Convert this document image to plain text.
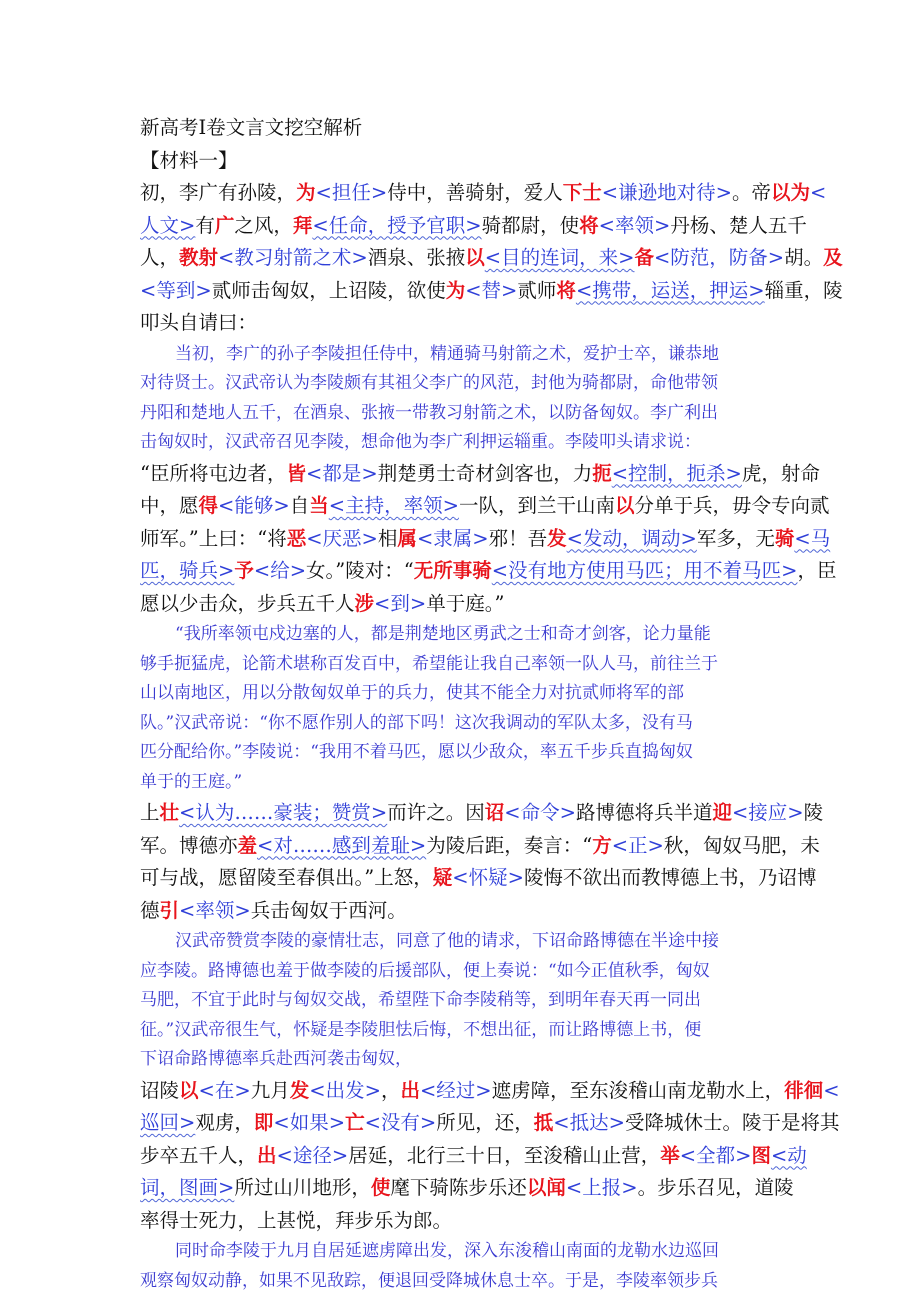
新高考Ⅰ卷文言文挖空解析
【材料一】
初，李广有孙陵，为<担任>侍中，善骑射，爱人下士<谦逊地对待>。帝以为<
人文>有广之风，拜<任命，授予官职>骑都尉，使将<率领>丹杨、楚人五千
人，教射<教习射箭之术>酒泉、张掖以<目的连词，来>备<防范，防备>胡。及
<等到>贰师击匈奴，上诏陵，欲使为<替>贰师将<携带，运送，押运>辎重，陵
叩头自请曰：
当初，李广的孙子李陵担任侍中，精通骑马射箭之术，爱护士卒，谦恭地
对待贤士。汉武帝认为李陵颇有其祖父李广的风范，封他为骑都尉，命他带领
丹阳和楚地人五千，在酒泉、张掖一带教习射箭之术，以防备匈奴。李广利出
击匈奴时，汉武帝召见李陵，想命他为李广利押运辎重。李陵叩头请求说：
“臣所将屯边者，皆<都是>荆楚勇士奇材剑客也，力扼<控制，扼杀>虎，射命
中，愿得<能够>自当<主持，率领>一队，到兰干山南以分单于兵，毋令专向贰
师军。”上曰：“将恶<厌恶>相属<隶属>邪！吾发<发动，调动>军多，无骑<马
匹，骑兵>予<给>女。”陵对：“无所事骑<没有地方使用马匹；用不着马匹>，臣
愿以少击众，步兵五千人涉<到>单于庭。”
“我所率领屯戍边塞的人，都是荆楚地区勇武之士和奇才剑客，论力量能
够手扼猛虎，论箭术堪称百发百中，希望能让我自己率领一队人马，前往兰于
山以南地区，用以分散匈奴单于的兵力，使其不能全力对抗贰师将军的部
队。”汉武帝说：“你不愿作别人的部下吗！这次我调动的军队太多，没有马
匹分配给你。”李陵说：“我用不着马匹，愿以少敌众，率五千步兵直捣匈奴
单于的王庭。”
上壮<认为……豪装；赞赏>而许之。因诏<命令>路博德将兵半道迎<接应>陵
军。博德亦羞<对……感到羞耻>为陵后距，奏言：“方<正>秋，匈奴马肥，未
可与战，愿留陵至春俱出。”上怒，疑<怀疑>陵悔不欲出而教博德上书，乃诏博
德引<率领>兵击匈奴于西河。
汉武帝赞赏李陵的豪情壮志，同意了他的请求，下诏命路博德在半途中接
应李陵。路博德也羞于做李陵的后援部队，便上奏说：“如今正值秋季，匈奴
马肥，不宜于此时与匈奴交战，希望陛下命李陵稍等，到明年春天再一同出
征。”汉武帝很生气，怀疑是李陵胆怯后悔，不想出征，而让路博德上书，便
下诏命路博德率兵赴西河袭击匈奴，
诏陵以<在>九月发<出发>，出<经过>遮虏障，至东浚稽山南龙勒水上，徘徊<
巡回>观虏，即<如果>亡<没有>所见，还，抵<抵达>受降城休士。陵于是将其
步卒五千人，出<途径>居延，北行三十日，至浚稽山止营，举<全都>图<动
词，图画>所过山川地形，使麾下骑陈步乐还以闻<上报>。步乐召见，道陵
率得士死力，上甚悦，拜步乐为郎。
同时命李陵于九月自居延遮虏障出发，深入东浚稽山南面的龙勒水边巡回
观察匈奴动静，如果不见敌踪，便退回受降城休息士卒。于是，李陵率领步兵
